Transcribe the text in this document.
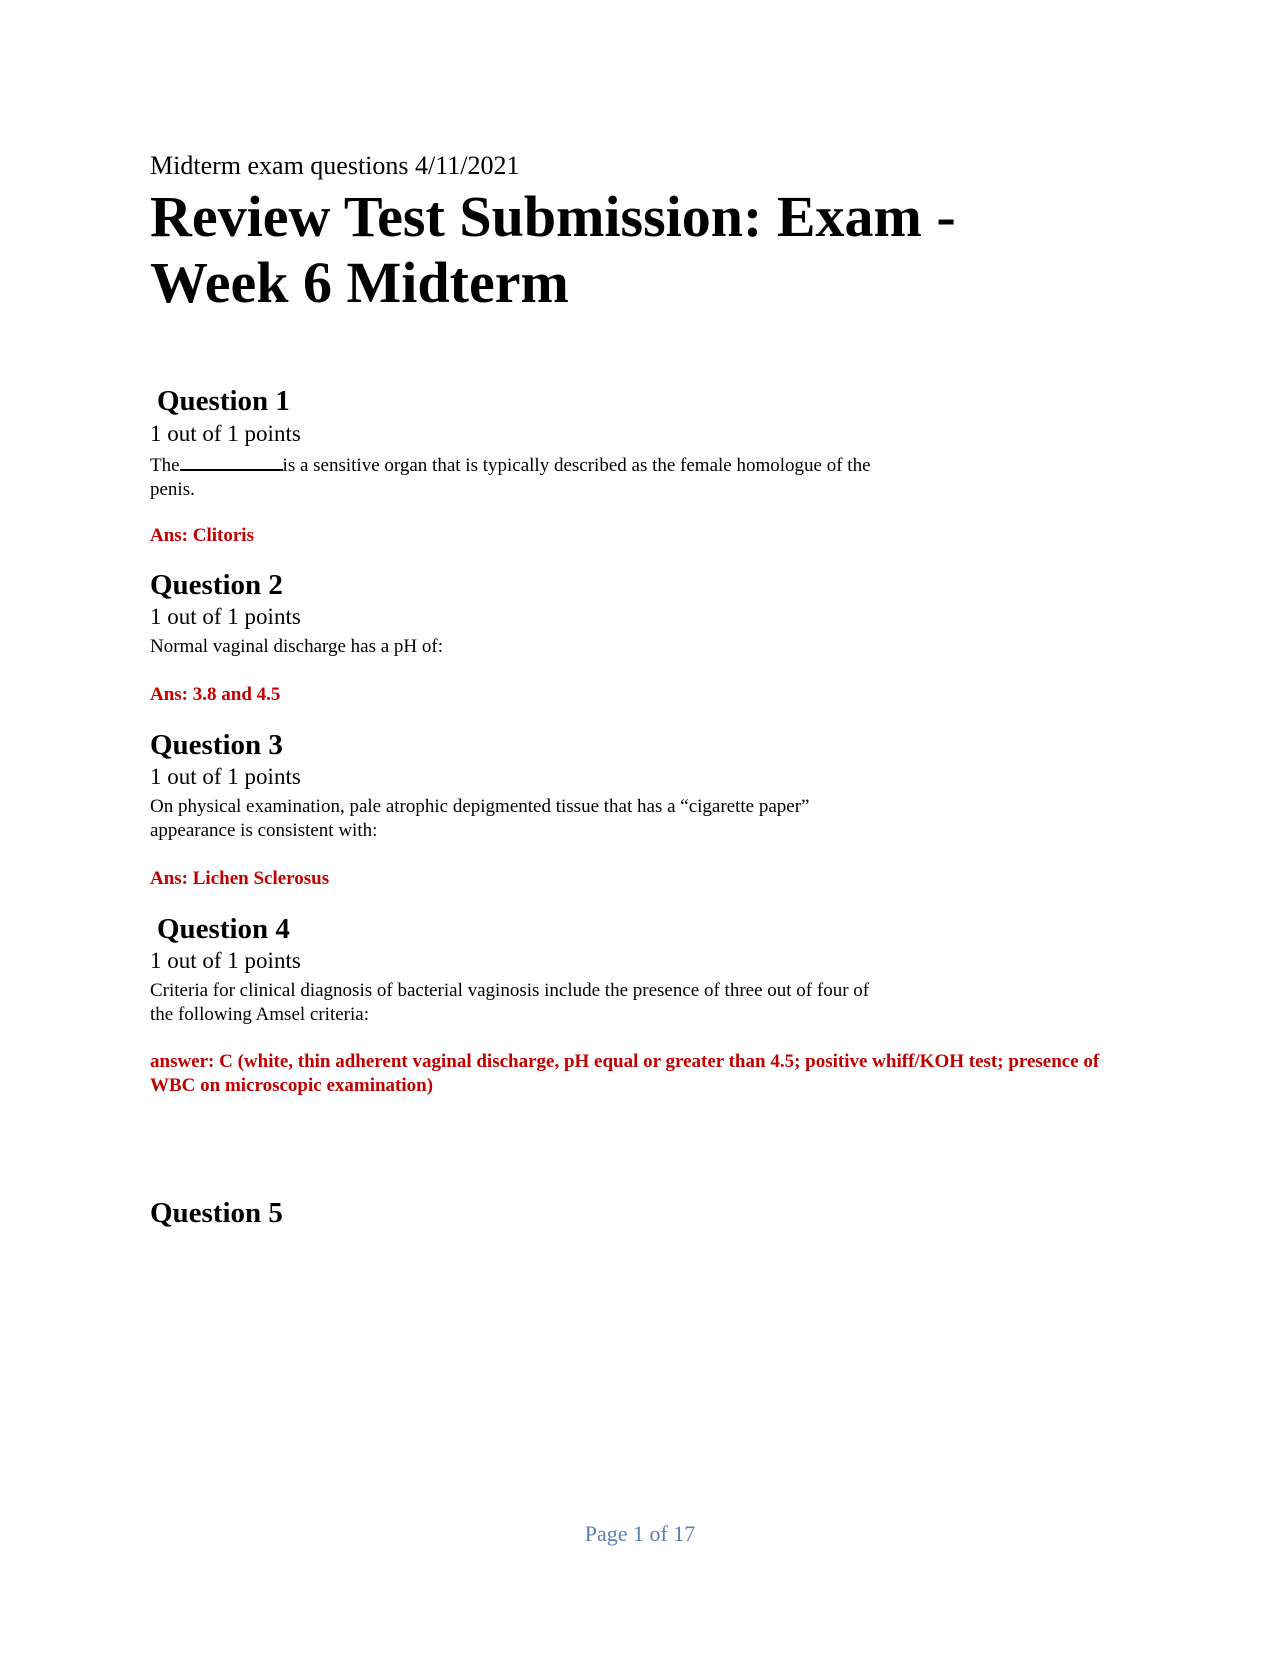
Midterm exam questions 4/11/2021
Review Test Submission: Exam - Week 6 Midterm
Question 1
1 out of 1 points
The	is a sensitive organ that is typically described as the female homologue of the penis.
Ans: Clitoris
Question 2
1 out of 1 points
Normal vaginal discharge has a pH of:
Ans: 3.8 and 4.5
Question 3
1 out of 1 points
On physical examination, pale atrophic depigmented tissue that has a “cigarette paper” appearance is consistent with:
Ans: Lichen Sclerosus
Question 4
1 out of 1 points
Criteria for clinical diagnosis of bacterial vaginosis include the presence of three out of four of the following Amsel criteria:
answer: C (white, thin adherent vaginal discharge, pH equal or greater than 4.5; positive whiff/KOH test; presence of WBC on microscopic examination)
Question 5
Page 1 of 17
